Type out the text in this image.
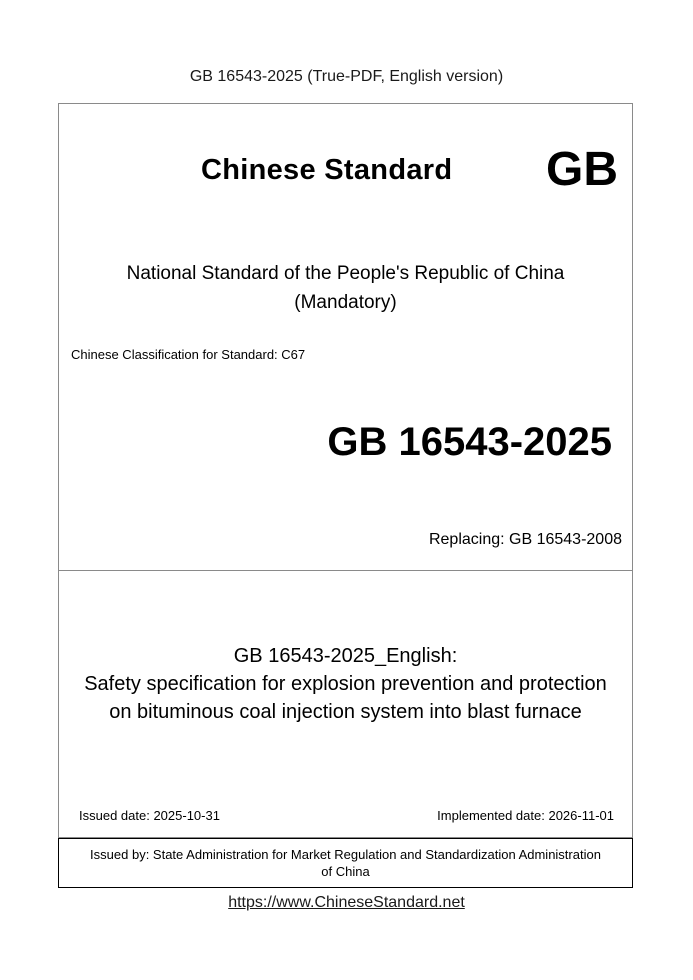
GB 16543-2025 (True-PDF, English version)
Chinese Standard GB
National Standard of the People's Republic of China
(Mandatory)
Chinese Classification for Standard: C67
GB 16543-2025
Replacing: GB 16543-2008
GB 16543-2025_English:
Safety specification for explosion prevention and protection
on bituminous coal injection system into blast furnace
Issued date: 2025-10-31	Implemented date: 2026-11-01
Issued by: State Administration for Market Regulation and Standardization Administration
of China
https://www.ChineseStandard.net
